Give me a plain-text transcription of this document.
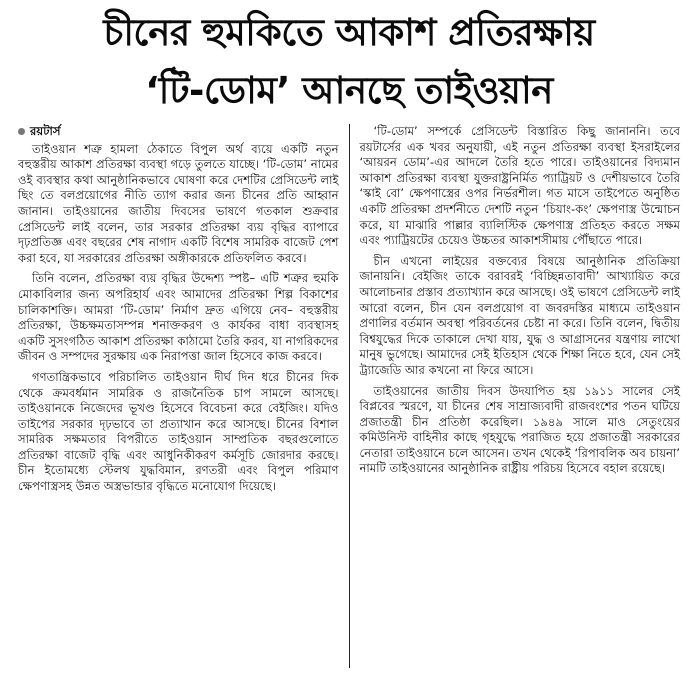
চীনের হুমকিতে আকাশ প্রতিরক্ষায়
‘টি-ডোম’ আনছে তাইওয়ান
রয়টার্স

তাইওয়ান শত্রু হামলা ঠেকাতে বিপুল অর্থ ব্যয়ে একটি নতুন বহুস্তরীয় আকাশ প্রতিরক্ষা ব্যবস্থা গড়ে তুলতে যাচ্ছে। ‘টি-ডোম’ নামের ওই ব্যবস্থার কথা আনুষ্ঠানিকভাবে ঘোষণা করে দেশটির প্রেসিডেন্ট লাই ছিং তে বলপ্রয়োগের নীতি ত্যাগ করার জন্য চীনের প্রতি আহ্বান জানান। তাইওয়ানের জাতীয় দিবসের ভাষণে গতকাল শুক্রবার প্রেসিডেন্ট লাই বলেন, তার সরকার প্রতিরক্ষা ব্যয় বৃদ্ধির ব্যাপারে দৃঢ়প্রতিজ্ঞ এবং বছরের শেষ নাগাদ একটি বিশেষ সামরিক বাজেট পেশ করা হবে, যা সরকারের প্রতিরক্ষা অঙ্গীকারকে প্রতিফলিত করবে।

তিনি বলেন, প্রতিরক্ষা ব্যয় বৃদ্ধির উদ্দেশ্য স্পষ্ট– এটি শত্রুর হুমকি মোকাবিলার জন্য অপরিহার্য এবং আমাদের প্রতিরক্ষা শিল্প বিকাশের চালিকাশক্তি। আমরা ‘টি-ডোম’ নির্মাণ দ্রুত এগিয়ে নেব– বহুস্তরীয় প্রতিরক্ষা, উচ্চক্ষমতাসম্পন্ন শনাক্তকরণ ও কার্যকর বাধা ব্যবস্থাসহ একটি সুসংগঠিত আকাশ প্রতিরক্ষা কাঠামো তৈরি করব, যা নাগরিকদের জীবন ও সম্পদের সুরক্ষায় এক নিরাপত্তা জাল হিসেবে কাজ করবে।

গণতান্ত্রিকভাবে পরিচালিত তাইওয়ান দীর্ঘ দিন ধরে চীনের দিক থেকে ক্রমবর্ধমান সামরিক ও রাজনৈতিক চাপ সামলে আসছে। তাইওয়ানকে নিজেদের ভূখণ্ড হিসেবে বিবেচনা করে বেইজিং। যদিও তাইপের সরকার দৃঢ়ভাবে তা প্রত্যাখান করে আসছে। চীনের বিশাল সামরিক সক্ষমতার বিপরীতে তাইওয়ান সাম্প্রতিক বছরগুলোতে প্রতিরক্ষা বাজেট বৃদ্ধি এবং আধুনিকীকরণ কর্মসূচি জোরদার করছে। চীন ইতোমধ্যে স্টেলথ যুদ্ধবিমান, রণতরী এবং বিপুল পরিমাণ ক্ষেপণাস্ত্রসহ উন্নত অস্ত্রভান্ডার বৃদ্ধিতে মনোযোগ দিয়েছে।

‘টি-ডোম’ সম্পর্কে প্রেসিডেন্ট বিস্তারিত কিছু জানাননি। তবে রয়টার্সের এক খবর অনুযায়ী, এই নতুন প্রতিরক্ষা ব্যবস্থা ইসরাইলের ‘আয়রন ডোম’-এর আদলে তৈরি হতে পারে। তাইওয়ানের বিদ্যমান আকাশ প্রতিরক্ষা ব্যবস্থা যুক্তরাষ্ট্রনির্মিত প্যাট্রিয়ট ও দেশীয়ভাবে তৈরি ‘স্কাই বো’ ক্ষেপণাস্ত্রের ওপর নির্ভরশীল। গত মাসে তাইপেতে অনুষ্ঠিত একটি প্রতিরক্ষা প্রদর্শনীতে দেশটি নতুন ‘চিয়াং-কং’ ক্ষেপণাস্ত্র উন্মোচন করে, যা মাঝারি পাল্লার ব্যালিস্টিক ক্ষেপণাস্ত্র প্রতিহত করতে সক্ষম এবং প্যাট্রিয়টের চেয়েও উচ্চতর আকাশসীমায় পৌঁছাতে পারে।

চীন এখনো লাইয়ের বক্তব্যের বিষয়ে আনুষ্ঠানিক প্রতিক্রিয়া জানায়নি। বেইজিং তাকে বরাবরই ‘বিচ্ছিন্নতাবাদী’ আখ্যায়িত করে আলোচনার প্রস্তাব প্রত্যাখ্যান করে আসছে। ওই ভাষণে প্রেসিডেন্ট লাই আরো বলেন, চীন যেন বলপ্রয়োগ বা জবরদস্তির মাধ্যমে তাইওয়ান প্রণালির বর্তমান অবস্থা পরিবর্তনের চেষ্টা না করে। তিনি বলেন, দ্বিতীয় বিশ্বযুদ্ধের দিকে তাকালে দেখা যায়, যুদ্ধ ও আগ্রাসনের যন্ত্রণায় লাখো মানুষ ভুগেছে। আমাদের সেই ইতিহাস থেকে শিক্ষা নিতে হবে, যেন সেই ট্র্যাজেডি আর কখনো না ফিরে আসে।

তাইওয়ানের জাতীয় দিবস উদযাপিত হয় ১৯১১ সালের সেই বিপ্লবের স্মরণে, যা চীনের শেষ সাম্রাজ্যবাদী রাজবংশের পতন ঘটিয়ে প্রজাতন্ত্রী চীন প্রতিষ্ঠা করেছিল। ১৯৪৯ সালে মাও সেতুংয়ের কমিউনিস্ট বাহিনীর কাছে গৃহযুদ্ধে পরাজিত হয়ে প্রজাতন্ত্রী সরকারের নেতারা তাইওয়ানে চলে আসেন। তখন থেকেই ‘রিপাবলিক অব চায়না’ নামটি তাইওয়ানের আনুষ্ঠানিক রাষ্ট্রীয় পরিচয় হিসেবে বহাল রয়েছে।
